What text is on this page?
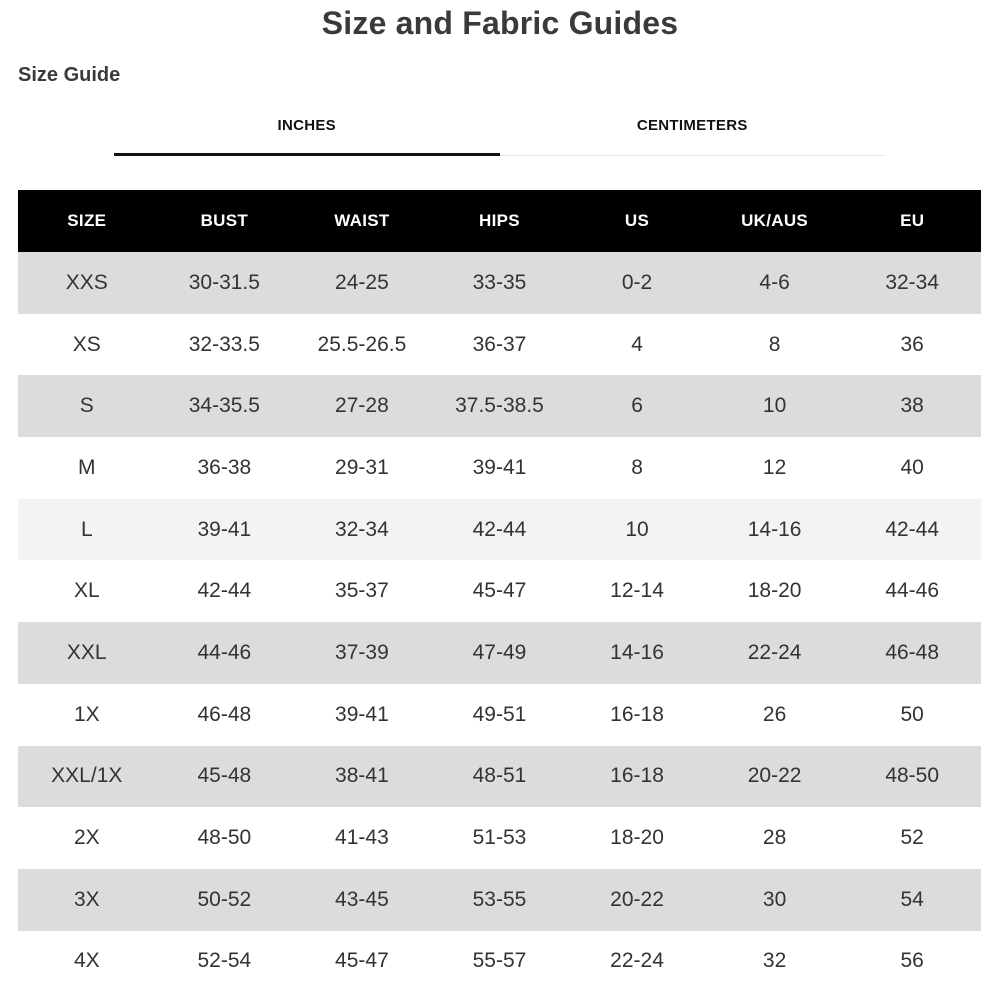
Size and Fabric Guides
Size Guide
INCHES	CENTIMETERS
SIZE	BUST	WAIST	HIPS	US	UK/AUS	EU
XXS	30-31.5	24-25	33-35	0-2	4-6	32-34
XS	32-33.5	25.5-26.5	36-37	4	8	36
S	34-35.5	27-28	37.5-38.5	6	10	38
M	36-38	29-31	39-41	8	12	40
L	39-41	32-34	42-44	10	14-16	42-44
XL	42-44	35-37	45-47	12-14	18-20	44-46
XXL	44-46	37-39	47-49	14-16	22-24	46-48
1X	46-48	39-41	49-51	16-18	26	50
XXL/1X	45-48	38-41	48-51	16-18	20-22	48-50
2X	48-50	41-43	51-53	18-20	28	52
3X	50-52	43-45	53-55	20-22	30	54
4X	52-54	45-47	55-57	22-24	32	56
